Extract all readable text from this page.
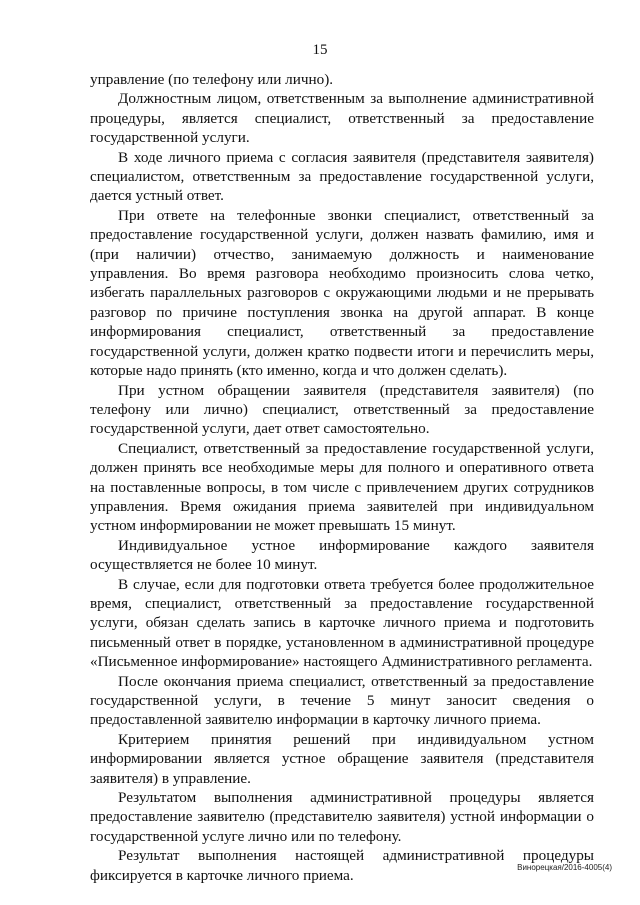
15

управление (по телефону или лично).

Должностным лицом, ответственным за выполнение административной процедуры, является специалист, ответственный за предоставление государственной услуги.

В ходе личного приема с согласия заявителя (представителя заявителя) специалистом, ответственным за предоставление государственной услуги, дается устный ответ.

При ответе на телефонные звонки специалист, ответственный за предоставление государственной услуги, должен назвать фамилию, имя и (при наличии) отчество, занимаемую должность и наименование управления. Во время разговора необходимо произносить слова четко, избегать параллельных разговоров с окружающими людьми и не прерывать разговор по причине поступления звонка на другой аппарат. В конце информирования специалист, ответственный за предоставление государственной услуги, должен кратко подвести итоги и перечислить меры, которые надо принять (кто именно, когда и что должен сделать).

При устном обращении заявителя (представителя заявителя) (по телефону или лично) специалист, ответственный за предоставление государственной услуги, дает ответ самостоятельно.

Специалист, ответственный за предоставление государственной услуги, должен принять все необходимые меры для полного и оперативного ответа на поставленные вопросы, в том числе с привлечением других сотрудников управления. Время ожидания приема заявителей при индивидуальном устном информировании не может превышать 15 минут.

Индивидуальное устное информирование каждого заявителя осуществляется не более 10 минут.

В случае, если для подготовки ответа требуется более продолжительное время, специалист, ответственный за предоставление государственной услуги, обязан сделать запись в карточке личного приема и подготовить письменный ответ в порядке, установленном в административной процедуре «Письменное информирование» настоящего Административного регламента.

После окончания приема специалист, ответственный за предоставление государственной услуги, в течение 5 минут заносит сведения о предоставленной заявителю информации в карточку личного приема.

Критерием принятия решений при индивидуальном устном информировании является устное обращение заявителя (представителя заявителя) в управление.

Результатом выполнения административной процедуры является предоставление заявителю (представителю заявителя) устной информации о государственной услуге лично или по телефону.

Результат выполнения настоящей административной процедуры фиксируется в карточке личного приема.	Винорецкая/2016-4005(4)
